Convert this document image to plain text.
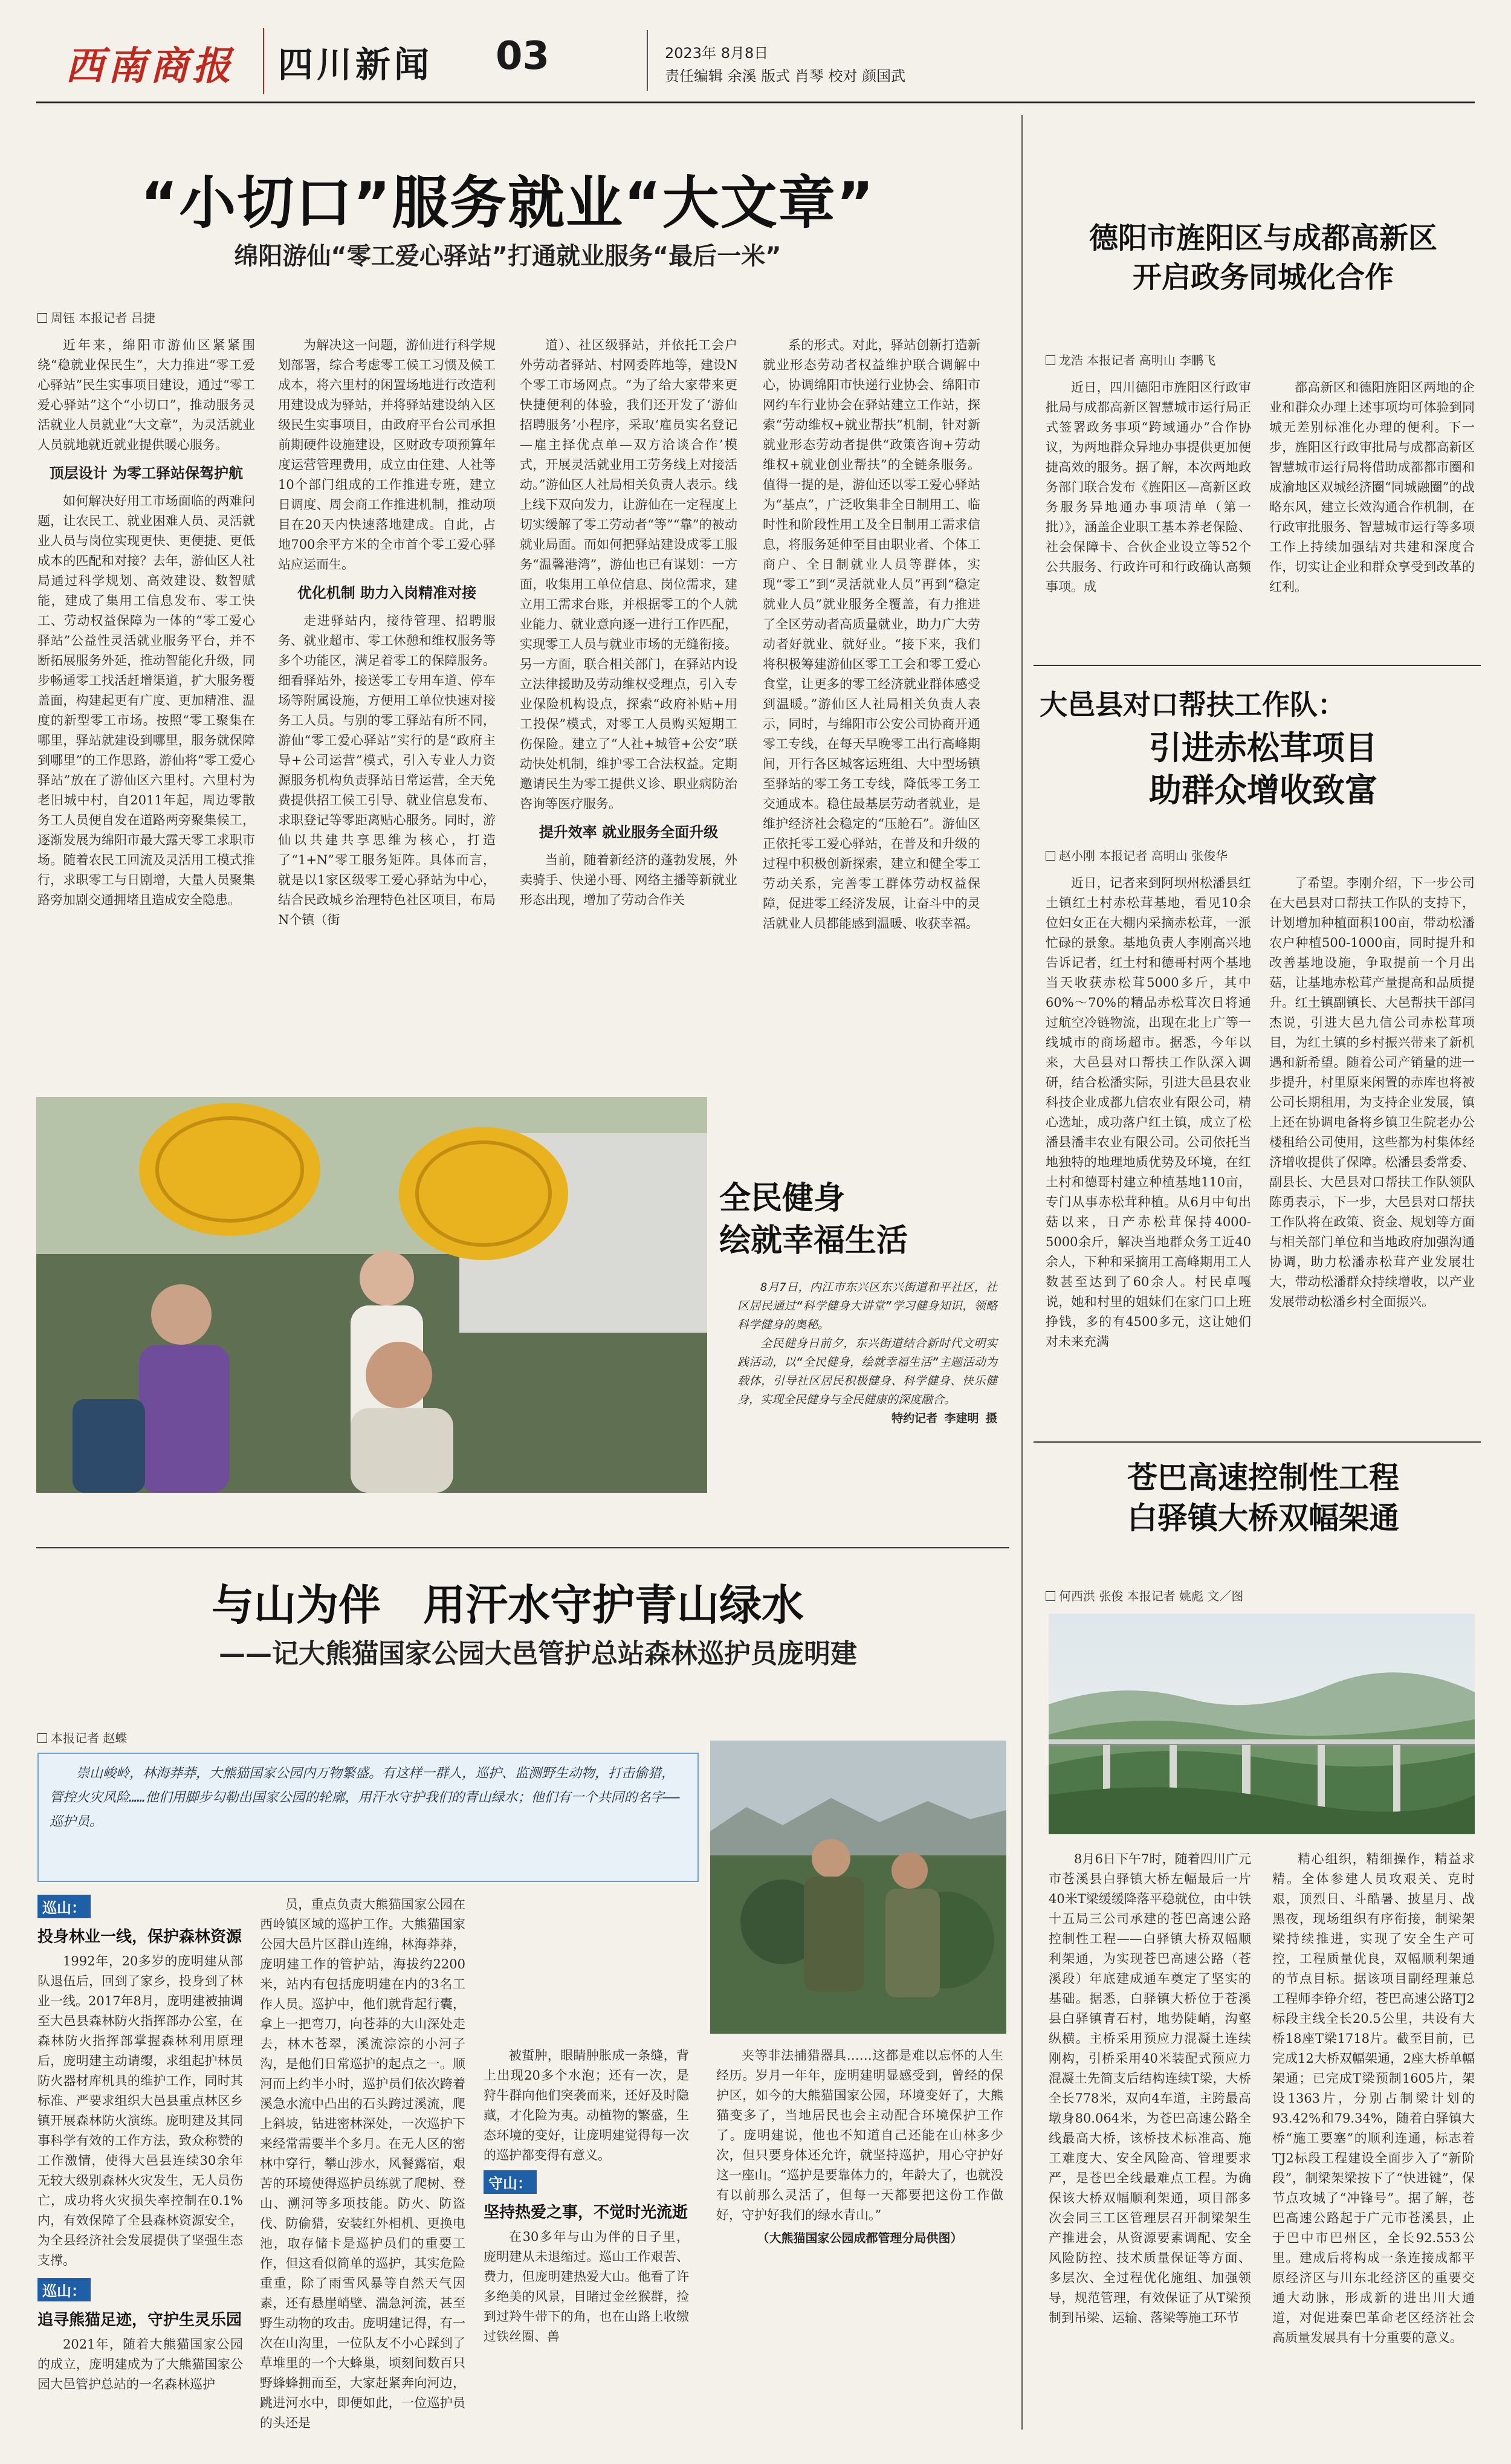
西南商报 四川新闻 03	2023年 8月8日
责任编辑 余溪 版式 肖琴 校对 颜国武
“小切口”服务就业“大文章”
绵阳游仙“零工爱心驿站”打通就业服务“最后一米”
周钰 本报记者 吕捷

近年来，绵阳市游仙区紧紧围绕“稳就业保民生”，大力推进“零工爱心驿站”民生实事项目建设，通过“零工爱心驿站”这个“小切口”，推动服务灵活就业人员就业“大文章”，为灵活就业人员就地就近就业提供暖心服务。

顶层设计 为零工驿站保驾护航

如何解决好用工市场面临的两难问题，让农民工、就业困难人员、灵活就业人员与岗位实现更快、更便捷、更低成本的匹配和对接？去年，游仙区人社局通过科学规划、高效建设、数智赋能，建成了集用工信息发布、零工快工、劳动权益保障为一体的“零工爱心驿站”公益性灵活就业服务平台，并不断拓展服务外延，推动智能化升级，同步畅通零工找活赶增渠道，扩大服务覆盖面，构建起更有广度、更加精准、温度的新型零工市场。按照“零工聚集在哪里，驿站就建设到哪里，服务就保障到哪里”的工作思路，游仙将“零工爱心驿站”放在了游仙区六里村。六里村为老旧城中村，自2011年起，周边零散务工人员便自发在道路两旁聚集候工，逐渐发展为绵阳市最大露天零工求职市场。随着农民工回流及灵活用工模式推行，求职零工与日剧增，大量人员聚集路旁加剧交通拥堵且造成安全隐患。

为解决这一问题，游仙进行科学规划部署，综合考虑零工候工习惯及候工成本，将六里村的闲置场地进行改造利用建设成为驿站，并将驿站建设纳入区级民生实事项目，由政府平台公司承担前期硬件设施建设，区财政专项预算年度运营管理费用，成立由住建、人社等10个部门组成的工作推进专班，建立日调度、周会商工作推进机制，推动项目在20天内快速落地建成。自此，占地700余平方米的全市首个零工爱心驿站应运而生。

优化机制 助力入岗精准对接

走进驿站内，接待管理、招聘服务、就业超市、零工休憩和维权服务等多个功能区，满足着零工的保障服务。细看驿站外，接送零工专用车道、停车场等附属设施，方便用工单位快速对接务工人员。与别的零工驿站有所不同，游仙“零工爱心驿站”实行的是“政府主导+公司运营”模式，引入专业人力资源服务机构负责驿站日常运营，全天免费提供招工候工引导、就业信息发布、求职登记等零距离贴心服务。同时，游仙以共建共享思维为核心，打造了“1+N”零工服务矩阵。具体而言，就是以1家区级零工爱心驿站为中心，结合民政城乡治理特色社区项目，布局N个镇（街

道）、社区级驿站，并依托工会户外劳动者驿站、村网委阵地等，建设N个零工市场网点。“为了给大家带来更快捷便利的体验，我们还开发了‘游仙招聘服务’小程序，采取‘雇员实名登记—雇主择优点单—双方洽谈合作’模式，开展灵活就业用工劳务线上对接活动。”游仙区人社局相关负责人表示。线上线下双向发力，让游仙在一定程度上切实缓解了零工劳动者“等”“靠”的被动就业局面。而如何把驿站建设成零工服务“温馨港湾”，游仙也已有谋划：一方面，收集用工单位信息、岗位需求，建立用工需求台账，并根据零工的个人就业能力、就业意向逐一进行工作匹配，实现零工人员与就业市场的无缝衔接。另一方面，联合相关部门，在驿站内设立法律援助及劳动维权受理点，引入专业保险机构设点，探索“政府补贴+用工投保”模式，对零工人员购买短期工伤保险。建立了“人社+城管+公安”联动快处机制，维护零工合法权益。定期邀请民生为零工提供义诊、职业病防治咨询等医疗服务。

提升效率 就业服务全面升级

当前，随着新经济的蓬勃发展，外卖骑手、快递小哥、网络主播等新就业形态出现，增加了劳动合作关

系的形式。对此，驿站创新打造新就业形态劳动者权益维护联合调解中心，协调绵阳市快递行业协会、绵阳市网约车行业协会在驿站建立工作站，探索“劳动维权+就业帮扶”机制，针对新就业形态劳动者提供“政策咨询+劳动维权+就业创业帮扶”的全链条服务。值得一提的是，游仙还以零工爱心驿站为“基点”，广泛收集非全日制用工、临时性和阶段性用工及全日制用工需求信息，将服务延伸至目由职业者、个体工商户、全日制就业人员等群体，实现“零工”到“灵活就业人员”再到“稳定就业人员”就业服务全覆盖，有力推进了全区劳动者高质量就业，助力广大劳动者好就业、就好业。“接下来，我们将积极筹建游仙区零工工会和零工爱心食堂，让更多的零工经济就业群体感受到温暖。”游仙区人社局相关负责人表示，同时，与绵阳市公安公司协商开通零工专线，在每天早晚零工出行高峰期间，开行各区城客运班组、大中型场镇至驿站的零工务工专线，降低零工务工交通成本。稳住最基层劳动者就业，是维护经济社会稳定的“压舱石”。游仙区正依托零工爱心驿站，在普及和升级的过程中积极创新探索，建立和健全零工劳动关系，完善零工群体劳动权益保障，促进零工经济发展，让奋斗中的灵活就业人员都能感到温暖、收获幸福。

德阳市旌阳区与成都高新区
开启政务同城化合作
龙浩 本报记者 高明山 李鹏飞

近日，四川德阳市旌阳区行政审批局与成都高新区智慧城市运行局正式签署政务事项“跨域通办”合作协议，为两地群众异地办事提供更加便捷高效的服务。据了解，本次两地政务部门联合发布《旌阳区—高新区政务服务异地通办事项清单（第一批）》，涵盖企业职工基本养老保险、社会保障卡、合伙企业设立等52个公共服务、行政许可和行政确认高频事项。成

都高新区和德阳旌阳区两地的企业和群众办理上述事项均可体验到同城无差别标准化办理的便利。下一步，旌阳区行政审批局与成都高新区智慧城市运行局将借助成都都市圈和成渝地区双城经济圈“同城融圈”的战略东风，建立长效沟通合作机制，在行政审批服务、智慧城市运行等多项工作上持续加强结对共建和深度合作，切实让企业和群众享受到改革的红利。

大邑县对口帮扶工作队：
引进赤松茸项目
助群众增收致富
赵小刚 本报记者 高明山 张俊华

近日，记者来到阿坝州松潘县红土镇红土村赤松茸基地，看见10余位妇女正在大棚内采摘赤松茸，一派忙碌的景象。基地负责人李刚高兴地告诉记者，红土村和德哥村两个基地当天收获赤松茸5000多斤，其中60%～70%的精品赤松茸次日将通过航空冷链物流，出现在北上广等一线城市的商场超市。据悉，今年以来，大邑县对口帮扶工作队深入调研，结合松潘实际，引进大邑县农业科技企业成都九信农业有限公司，精心选址，成功落户红土镇，成立了松潘县潘丰农业有限公司。公司依托当地独特的地理地质优势及环境，在红土村和德哥村建立种植基地110亩，专门从事赤松茸种植。从6月中旬出菇以来，日产赤松茸保持4000-5000余斤，解决当地群众务工近40余人，下种和采摘用工高峰期用工人数甚至达到了60余人。村民卓嘎说，她和村里的姐妹们在家门口上班挣钱，多的有4500多元，这让她们对未来充满

了希望。李刚介绍，下一步公司在大邑县对口帮扶工作队的支持下，计划增加种植面积100亩，带动松潘农户种植500-1000亩，同时提升和改善基地设施，争取提前一个月出菇，让基地赤松茸产量提高和品质提升。红土镇副镇长、大邑帮扶干部闫杰说，引进大邑九信公司赤松茸项目，为红土镇的乡村振兴带来了新机遇和新希望。随着公司产销量的进一步提升，村里原来闲置的赤库也将被公司长期租用，为支持企业发展，镇上还在协调电备将乡镇卫生院老办公楼租给公司使用，这些都为村集体经济增收提供了保障。松潘县委常委、副县长、大邑县对口帮扶工作队领队陈勇表示，下一步，大邑县对口帮扶工作队将在政策、资金、规划等方面与相关部门单位和当地政府加强沟通协调，助力松潘赤松茸产业发展壮大，带动松潘群众持续增收，以产业发展带动松潘乡村全面振兴。

苍巴高速控制性工程
白驿镇大桥双幅架通
何西洪 张俊 本报记者 姚彪 文／图

8月6日下午7时，随着四川广元市苍溪县白驿镇大桥左幅最后一片40米T梁缓缓降落平稳就位，由中铁十五局三公司承建的苍巴高速公路控制性工程——白驿镇大桥双幅顺利架通，为实现苍巴高速公路（苍溪段）年底建成通车奠定了坚实的基础。据悉，白驿镇大桥位于苍溪县白驿镇青石村，地势陡峭，沟壑纵横。主桥采用预应力混凝土连续刚构，引桥采用40米装配式预应力混凝土先简支后结构连续T梁，大桥全长778米，双向4车道，主跨最高墩身80.064米，为苍巴高速公路全线最高大桥，该桥技术标准高、施工难度大、安全风险高、管理要求严，是苍巴全线最难点工程。为确保该大桥双幅顺利架通，项目部多次会同三工区管理层召开制梁架生产推进会，从资源要素调配、安全风险防控、技术质量保证等方面、多层次、全过程优化施组、加强领导，规范管理，有效保证了从T梁预制到吊梁、运输、落梁等施工环节

精心组织，精细操作，精益求精。全体参建人员攻艰关、克时艰，顶烈日、斗酷暑、披星月、战黑夜，现场组织有序衔接，制梁架梁持续推进，实现了安全生产可控，工程质量优良，双幅顺利架通的节点目标。据该项目副经理兼总工程师李铮介绍，苍巴高速公路TJ2标段主线全长20.5公里，共设有大桥18座T梁1718片。截至目前，已完成12大桥双幅架通，2座大桥单幅架通；已完成T梁预制1605片，架设1363片，分别占制梁计划的93.42%和79.34%，随着白驿镇大桥“施工要塞”的顺利连通，标志着TJ2标段工程建设全面步入了“新阶段”，制梁架梁按下了“快进键”，保节点攻城了“冲锋号”。据了解，苍巴高速公路起于广元市苍溪县，止于巴中市巴州区，全长92.553公里。建成后将构成一条连接成都平原经济区与川东北经济区的重要交通大动脉，形成新的进出川大通道，对促进秦巴革命老区经济社会高质量发展具有十分重要的意义。

全民健身
绘就幸福生活

8月7日，内江市东兴区东兴街道和平社区，社区居民通过“科学健身大讲堂”学习健身知识，领略科学健身的奥秘。

全民健身日前夕，东兴街道结合新时代文明实践活动，以“全民健身，绘就幸福生活”主题活动为载体，引导社区居民积极健身、科学健身、快乐健身，实现全民健身与全民健康的深度融合。

特约记者 李建明 摄
与山为伴　用汗水守护青山绿水
——记大熊猫国家公园大邑管护总站森林巡护员庞明建
本报记者 赵蝶
崇山峻岭，林海莽莽，大熊猫国家公园内万物繁盛。有这样一群人，巡护、监测野生动物，打击偷猎，管控火灾风险……他们用脚步勾勒出国家公园的轮廓，用汗水守护我们的青山绿水；他们有一个共同的名字——巡护员。
巡山：
投身林业一线，保护森林资源

1992年，20多岁的庞明建从部队退伍后，回到了家乡，投身到了林业一线。2017年8月，庞明建被抽调至大邑县森林防火指挥部办公室，在森林防火指挥部掌握森林利用原理后，庞明建主动请缨，求组起护林员防火器材库机具的维护工作，同时其标准、严要求组织大邑县重点林区乡镇开展森林防火演练。庞明建及其同事科学有效的工作方法，致众称赞的工作激情，使得大邑县连续30余年无较大级别森林火灾发生，无人员伤亡，成功将火灾损失率控制在0.1%内，有效保障了全县森林资源安全，为全县经济社会发展提供了坚强生态支撑。

巡山：
追寻熊猫足迹，守护生灵乐园

2021年，随着大熊猫国家公园的成立，庞明建成为了大熊猫国家公园大邑管护总站的一名森林巡护

员，重点负责大熊猫国家公园在西岭镇区域的巡护工作。大熊猫国家公园大邑片区群山连绵，林海莽莽，庞明建工作的管护站，海拔约2200米，站内有包括庞明建在内的3名工作人员。巡护中，他们就背起行囊，拿上一把弯刀，向苍莽的大山深处走去，林木苍翠，溪流淙淙的小河子沟，是他们日常巡护的起点之一。顺河而上约半小时，巡护员们依次跨着溪急水流中凸出的石头跨过溪流，爬上斜坡，钻进密林深处，一次巡护下来经常需要半个多月。在无人区的密林中穿行，攀山涉水，风餐露宿，艰苦的环境使得巡护员练就了爬树、登山、溯河等多项技能。防火、防盗伐、防偷猎，安装红外相机、更换电池，取存储卡是巡护员们的重要工作，但这看似简单的巡护，其实危险重重，除了雨雪风暴等自然天气因素，还有悬崖峭壁、湍急河流，甚至野生动物的攻击。庞明建记得，有一次在山沟里，一位队友不小心踩到了草堆里的一个大蜂巢，顷刻间数百只野蜂蜂拥而至，大家赶紧奔向河边，跳进河水中，即便如此，一位巡护员的头还是

被蜇肿，眼睛肿胀成一条缝，背上出现20多个水泡；还有一次，是狩牛群向他们突袭而来，还好及时隐藏，才化险为夷。动植物的繁盛，生态环境的变好，让庞明建觉得每一次的巡护都变得有意义。

守山：
坚持热爱之事，不觉时光流逝

在30多年与山为伴的日子里，庞明建从未退缩过。巡山工作艰苦、费力，但庞明建热爱大山。他看了许多绝美的风景，目睹过金丝猴群，捡到过羚牛带下的角，也在山路上收缴过铁丝圈、兽

夹等非法捕猎器具……这都是难以忘怀的人生经历。岁月一年年，庞明建明显感受到，曾经的保护区，如今的大熊猫国家公园，环境变好了，大熊猫变多了，当地居民也会主动配合环境保护工作了。庞明建说，他也不知道自己还能在山林多少次，但只要身体还允许，就坚持巡护，用心守护好这一座山。“巡护是要靠体力的，年龄大了，也就没有以前那么灵活了，但每一天都要把这份工作做好，守护好我们的绿水青山。”

（大熊猫国家公园成都管理分局供图）
